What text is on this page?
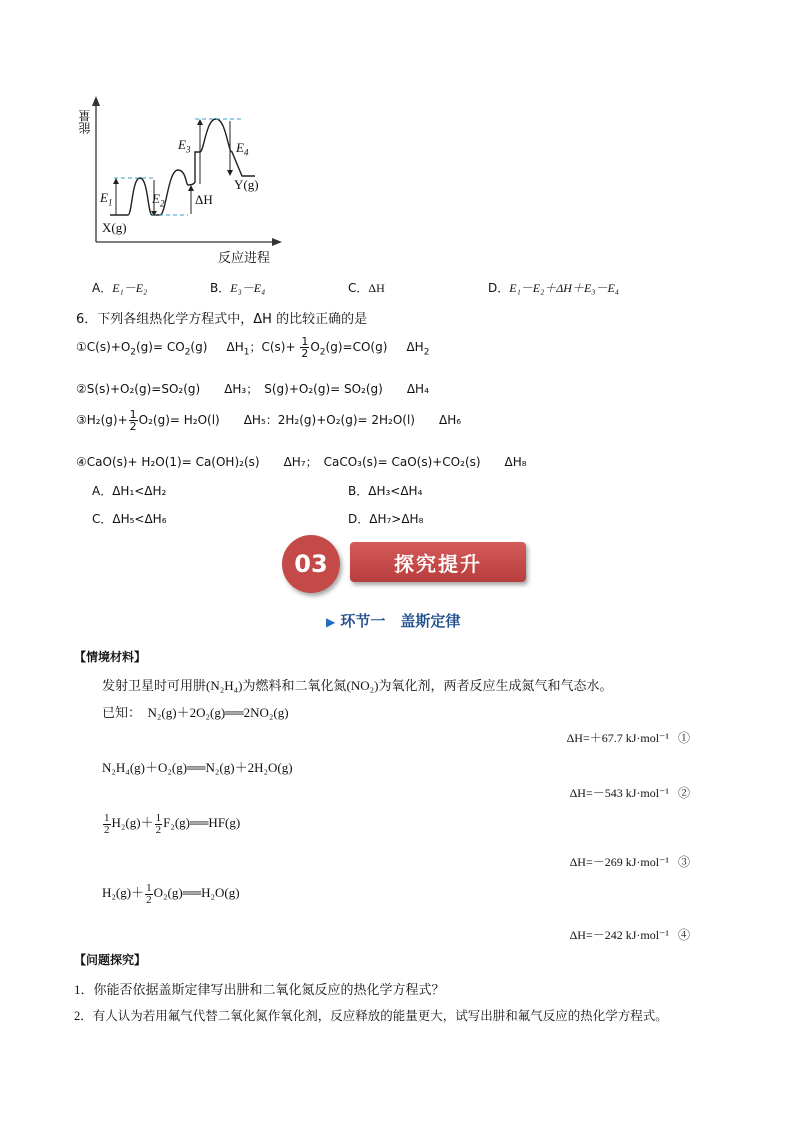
能量
反应进程
$E_1$	$E_2$
$E_3$	$E_4$
ΔH
X(g)
Y(g)
A．E₁－E₂	B．E₃－E₄	C．ΔH	D．E₁－E₂＋ΔH＋E₃－E₄
6．下列各组热化学方程式中，ΔH 的比较正确的是
$①C(s)+O_2(g)= CO_2(g)$ $\Delta H_1$；$C(s)+ \frac{1}{2} O_2(g)=CO(g)$ $\Delta H_2$
②S(s)+O₂(g)=SO₂(g)　　ΔH₃；　S(g)+O₂(g)= SO₂(g)　　ΔH₄
③H₂(g)+ $\frac{1}{2} O_2(g)= H_2O(l)$　　ΔH₅：2H₂(g)+O₂(g)= 2H₂O(l)　　ΔH₆
④CaO(s)+ H₂O(1)= Ca(OH)₂(s)　　ΔH₇；　CaCO₃(s)= CaO(s)+CO₂(s)　　ΔH₈
A．ΔH₁<ΔH₂	B．ΔH₃<ΔH₄
C．ΔH₅<ΔH₆	D．ΔH₇>ΔH₈
探究提升
03
▶ 环节一　盖斯定律
【情境材料】
发射卫星时可用肼(N₂H₄)为燃料和二氧化氮(NO₂)为氧化剂，两者反应生成氮气和气态水。
已知： N₂(g)＋2O₂(g)══2NO₂(g)
ΔH=＋67.7 kJ·mol⁻¹ ①
N₂H₄(g)＋O₂(g)══N₂(g)＋2H₂O(g)
ΔH=－543 kJ·mol⁻¹ ②
$\frac{1}{2} H_2(g)+ \frac{1}{2}$ F₂(g)══HF(g)
ΔH=－269 kJ·mol⁻¹ ③
$H_2(g)+ \frac{1}{2}$ O₂(g)══H₂O(g)
ΔH=－242 kJ·mol⁻¹ ④
【问题探究】
1．你能否依据盖斯定律写出肼和二氧化氮反应的热化学方程式？
2．有人认为若用氟气代替二氧化氮作氧化剂，反应释放的能量更大，试写出肼和氟气反应的热化学方程式。
